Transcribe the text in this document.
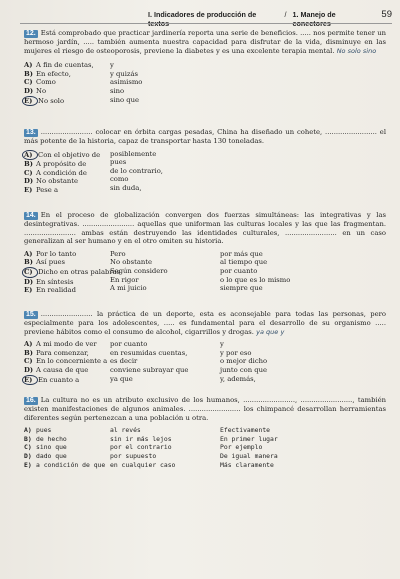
I. Indicadores de producción de textos
/ 1. Manejo de conectores
59

12. Está comprobado que practicar jardinería reporta una serie de beneficios. ..... nos permite tener un hermoso jardín, ..... también aumenta nuestra capacidad para disfrutar de la vida, disminuye en las mujeres el riesgo de osteoporosis, previene la diabetes y es una excelente terapia mental. No solo sino

A) A fin de cuentas,
B) En efecto,
C) Como
D) No
E) No solo
y
y quizás
asimismo
sino
sino que

13. ........................ colocar en órbita cargas pesadas, China ha diseñado un cohete, ........................ el más potente de la historia, capaz de transportar hasta 130 toneladas.

A) Con el objetivo de
B) A propósito de
C) A condición de
D) No obstante
E) Pese a
posiblemente
pues
de lo contrario,
como
sin duda,

14. En el proceso de globalización convergen dos fuerzas simultáneas: las integrativas y las desintegrativas. ........................ aquellas que uniforman las culturas locales y las que las fragmentan. ........................ ambas están destruyendo las identidades culturales, ........................ en un caso generalizan al ser humano y en el otro omiten su historia.

A) Por lo tanto
B) Así pues
C) Dicho en otras palabras
D) En síntesis
E) En realidad
Pero
No obstante
Según considero
En rigor
A mi juicio
por más que
al tiempo que
por cuanto
o lo que es lo mismo
siempre que

15. ........................ la práctica de un deporte, esta es aconsejable para todas las personas, pero especialmente para los adolescentes, ..... es fundamental para el desarrollo de su organismo ..... previene hábitos como el consumo de alcohol, cigarrillos y drogas. ya que y

A) A mi modo de ver
B) Para comenzar,
C) En lo concerniente a
D) A causa de que
E) En cuanto a
por cuanto
en resumidas cuentas,
es decir
conviene subrayar que
ya que
y
y por eso
o mejor dicho
junto con que
y, además,

16. La cultura no es un atributo exclusivo de los humanos, ........................, ........................, también existen manifestaciones de algunos animales. ........................ los chimpancé desarrollan herramientas diferentes según pertenezcan a una población u otra.

A) pues
B) de hecho
C) sino que
D) dado que
E) a condición de que
al revés
sin ir más lejos
por el contrario
por supuesto
en cualquier caso
Efectivamente
En primer lugar
Por ejemplo
De igual manera
Más claramente
